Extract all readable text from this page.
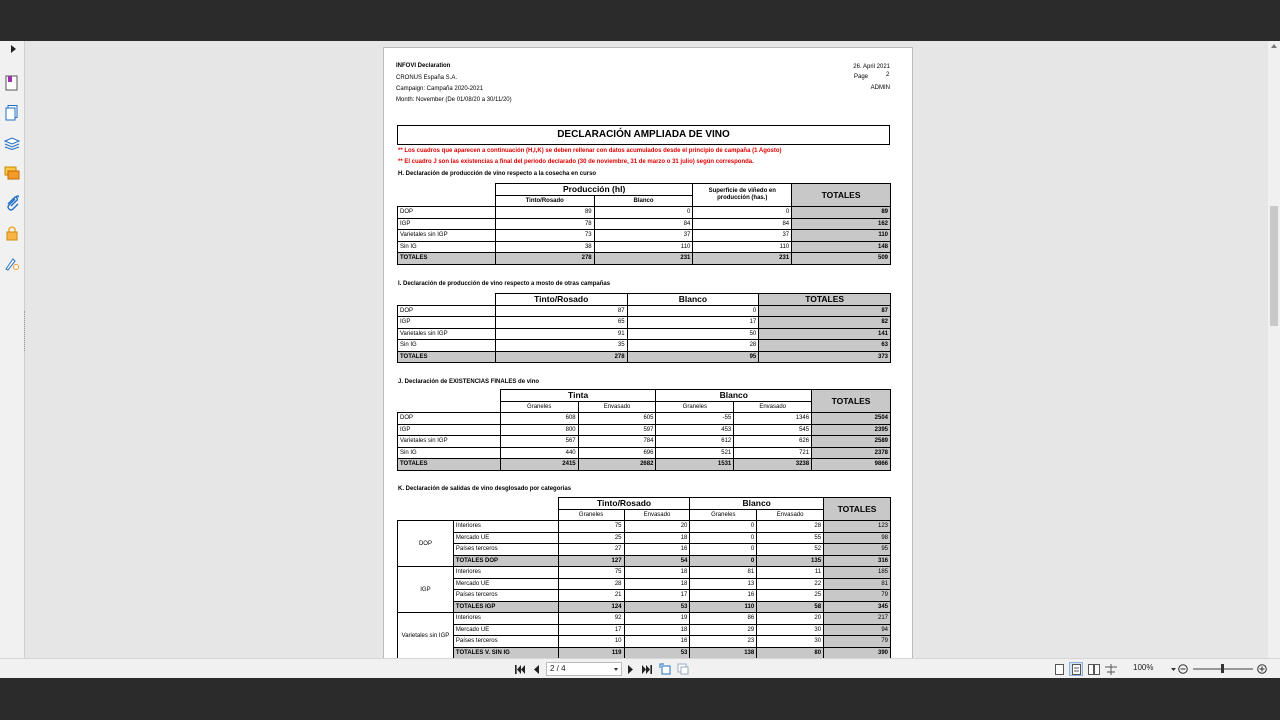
INFOVI Declaration
CRONUS España S.A.
Campaign: Campaña 2020-2021
Month: November (De 01/08/20 a 30/11/20)
26. April 2021
Page	2
ADMIN
DECLARACIÓN AMPLIADA DE VINO
** Los cuadros que aparecen a continuación (H,I,K) se deben rellenar con datos acumulados desde el principio de campaña (1 Agosto)
** El cuadro J son las existencias a final del periodo declarado (30 de noviembre, 31 de marzo o 31 julio) según corresponda.
H. Declaración de producción de vino respecto a la cosecha en curso
	Producción (hl)		Superficie de viñedo en producción (has.)	TOTALES
	Tinto/Rosado	Blanco		
DOP	89	0	0	89
IGP	78	84	84	162
Varietales sin IGP	73	37	37	110
Sin IG	38	110	110	148
TOTALES	278	231	231	509
I. Declaración de producción de vino respecto a mosto de otras campañas
	Tinto/Rosado	Blanco	TOTALES
DOP	87	0	87
IGP	65	17	82
Varietales sin IGP	91	50	141
Sin IG	35	28	63
TOTALES	278	95	373
J. Declaración de EXISTENCIAS FINALES de vino
	Tinta		Blanco		TOTALES
	Graneles	Envasado	Graneles	Envasado	
DOP	608	605	-55	1346	2504
IGP	800	597	453	545	2395
Varietales sin IGP	567	784	612	626	2589
Sin IG	440	696	521	721	2378
TOTALES	2415	2682	1531	3238	9866
K. Declaración de salidas de vino desglosado por categorias
		Tinto/Rosado		Blanco		TOTALES
		Graneles	Envasado	Graneles	Envasado	
DOP	Interiores	75	20	0	28	123
	Mercado UE	25	18	0	55	98
	Países terceros	27	16	0	52	95
	TOTALES DOP	127	54	0	135	316
IGP	Interiores	75	18	81	11	185
	Mercado UE	28	18	13	22	81
	Países terceros	21	17	16	25	79
	TOTALES IGP	124	53	110	58	345
Varietales sin IGP	Interiores	92	19	86	20	217
	Mercado UE	17	18	29	30	94
	Países terceros	10	16	23	30	79
	TOTALES V. SIN IG	119	53	138	80	390
2 / 4	100%
